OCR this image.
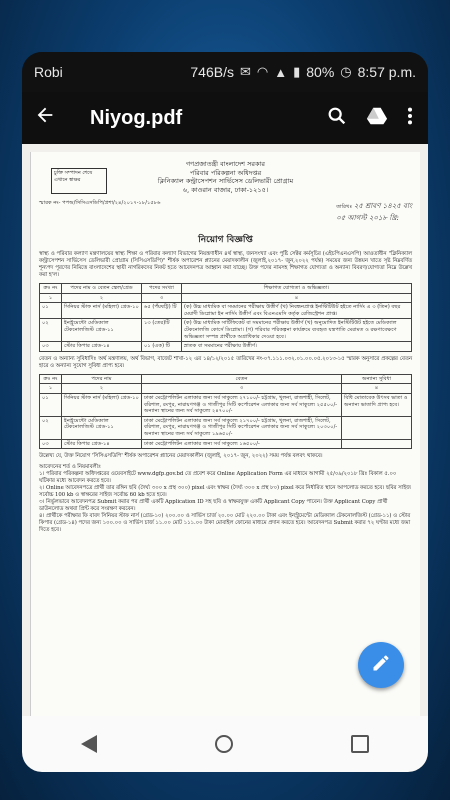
Robi	746B/s ✉ ◠ ▲ ▮ 80% ◷ 8:57 p.m.
Niyog.pdf
চুক্তি সম্পাদন শেষে এখানে স্বাক্ষর
গণপ্রজাতন্ত্রী বাংলাদেশ সরকার
পরিবার পরিকল্পনা অধিদপ্তর
ক্লিনিক্যাল কন্ট্রাসেপশন সার্ভিসেস ডেলিভারী প্রোগ্রাম
৬, কাওরান বাজার, ঢাকা-১২১৫।
স্মারক নং- পপঅ/সিসিএসডিপি/প্রশা/২৪/২০১৭-১৮/১৫৮৬
তারিখঃ ২৫ শ্রাবণ ১৪২৫ বাং
০৫ আগস্ট ২০১৮ খ্রি:
নিয়োগ বিজ্ঞপ্তি
স্বাস্থ্য ও পরিবার কল্যাণ মন্ত্রণালয়ের স্বাস্থ্য শিক্ষা ও পরিবার কল্যাণ বিভাগের নিয়ন্ত্রণাধীন ৪র্থ স্বাস্থ্য, জনসংখ্যা এবং পুষ্টি সেক্টর কর্মসূচির (এইচপিএনএসপি) আওতাধীন "ক্লিনিক্যাল কন্ট্রাসেপশন সার্ভিসেস ডেলিভারী প্রোগ্রাম (সিসিএসডিপি)" শীর্ষক অপারেশন প্ল্যানের মেয়াদকালীন (জুলাই,২০১৭- জুন,২০২২ পর্যন্ত) সময়ের জন্য উন্নয়ন খাতে সৃষ্ট নিম্নবর্ণিত শূন্যপদ পূরণের নিমিত্তে বাংলাদেশের স্থায়ী নাগরিকদের নিকট হতে আবেদনপত্র আহ্বান করা যাচ্ছে। উক্ত পদের নামসহ শিক্ষাগত যোগ্যতা ও অন্যান্য বিবরণ/যোগ্যতা নিম্নে উল্লেখ করা হ'ল।
ক্রঃ নং	পদের নাম ও বেতন স্কেল/গ্রেড	পদের সংখ্যা	শিক্ষাগত যোগ্যতা ও অভিজ্ঞতা।
১	২	৩	৪
০১	সিনিয়র স্টাফ নার্স (মহিলা) গ্রেড-১০	৬৫ (পঁয়ষট্টি) টি	(ক) উচ্চ মাধ্যমিক বা সমমানের পরীক্ষায় উত্তীর্ণ (খ) নিবন্ধনপ্রাপ্ত ইনস্টিটিউট হইতে নার্সিং এ ৩ (তিন) বছর মেয়াদী ডিপ্লোমা ইন নার্সিং উত্তীর্ণ এবং বিএনএমসি কর্তৃক রেজিস্ট্রেশন প্রাপ্ত।
০২	ইনস্ট্রুমেন্টো মেডিক্যাল টেকনোলজিস্ট গ্রেড-১১	১৩ (তের)টি	(ক) উচ্চ মাধ্যমিক সার্টিফিকেট বা সমমানের পরীক্ষায় উত্তীর্ণ (খ) অনুমোদিত ইনস্টিটিউট হইতে মেডিক্যাল টেকনোলজি কোর্সে ডিপ্লোমা। (গ) পরিবার পরিকল্পনা কার্যক্রমে ব্যবহৃত যন্ত্রপাতি মেরামত ও রক্ষণাবেক্ষণে অভিজ্ঞতা সম্পন্ন প্রার্থীকে অগ্রাধিকার দেওয়া হবে।
০৩	স্টোর কিপার গ্রেড-১৪	০১ (এক) টি	স্নাতক বা সমমানের পরীক্ষায় উত্তীর্ণ।
বেতন ও অন্যান্য সুবিধাদিঃ অর্থ মন্ত্রণালয়, অর্থ বিভাগ, বাজেট শাখা-১২ এর ১৪/১২/২০১৫ তারিখের নং-০৭.১১১.০৩২.০১.০০.০৫.২০১৩-১৫ স্মারক অনুসারে প্রকল্পের বেতন হারে ও অন্যান্য সুযোগ সুবিধা প্রাপ্য হবে।
ক্রঃ নং	পদের নাম	বেতন	অন্যান্য সুবিধা
১	২	৩	৪
০১	সিনিয়র স্টাফ নার্স (মহিলা) গ্রেড-১০	ঢাকা মেট্রোপলিটন এলাকার জন্য সর্ব সাকুল্যে ২৭১০০/- চট্টগ্রাম, খুলনা, রাজশাহী, সিলেট, বরিশাল, রংপুর, নারায়ণগঞ্জ ও গাজীপুর সিটি কর্পোরেশন এলাকার জন্য সর্ব সাকুল্যে ২৫৫০০/- অন্যান্য স্থানের জন্য সর্ব সাকুল্যে ২৪৭০০/-	বিধি মোতাবেক উৎসব ভাতা ও অন্যান্য ভাতাদি প্রাপ্য হবে।
০২	ইনস্ট্রুমেন্টো মেডিক্যাল টেকনোলজিস্ট গ্রেড-১১	ঢাকা মেট্রোপলিটন এলাকার জন্য সর্ব সাকুল্যে ২১৭০০/- চট্টগ্রাম, খুলনা, রাজশাহী, সিলেট, বরিশাল, রংপুর, নারায়ণগঞ্জ ও গাজীপুর সিটি কর্পোরেশন এলাকার জন্য সর্ব সাকুল্যে ২০৩০০/- অন্যান্য স্থানের জন্য সর্ব সাকুল্যে ১৯৬৫০/-	
০৩	স্টোর কিপার গ্রেড-১৪	ঢাকা মেট্রোপলিটন এলাকার জন্য সর্ব সাকুল্যে ১৬৫০০/-	
উল্লেখ্য যে, উক্ত নিয়োগ 'সিসিএসডিপি' শীর্ষক অপারেশন প্ল্যানের মেয়াদকালীন (জুলাই, ২০১৭- জুন, ২০২২) সময় পর্যন্ত বলবৎ থাকবে।
আবেদনের শর্ত ও নিয়মাবলীঃ
১। পরিবার পরিকল্পনা অধিদপ্তরের ওয়েবসাইটে www.dgfp.gov.bd তে প্রবেশ করে Online Application Form এর মাধ্যমে আগামী ২৫/০৯/২০১৮ খ্রিঃ বিকাল ৫.০০ ঘটিকার মধ্যে আবেদন করতে হবে।
২। Online আবেদনপত্রে প্রার্থী তার রঙ্গিন ছবি (দৈর্ঘ্য ৩০০ x প্রস্থ ৩০০) pixel এবং স্বাক্ষর (দৈর্ঘ্য ৩০০ x প্রস্থ ৮০) pixel করে নির্ধারিত স্থানে আপলোড করতে হবে। ছবির সাইজ সর্বোচ্চ 100 kb ও স্বাক্ষরের সাইজ সর্বোচ্চ 60 kb হতে হবে।
৩। নির্ভুলভাবে আবেদনপত্র Submit করার পর প্রার্থী একটি Application ID সহ ছবি ও স্বাক্ষরযুক্ত একটি Applicant Copy পাবেন। উক্ত Applicant Copy প্রার্থী ডাউনলোড অথবা প্রিন্ট করে সংরক্ষণ করবেন।
৪। প্রার্থীকে পরীক্ষার ফি বাবদ সিনিয়র স্টাফ নার্স (গ্রেড-১০) ২০০.০০ ও সার্ভিস চার্জ ২০.০০ মোট ২২০.০০ টাকা এবং ইনস্ট্রুমেন্টো মেডিক্যাল টেকনোলজিস্ট (গ্রেড-১১) ও স্টোর কিপার (গ্রেড-১৪) পদের জন্য ১০০.০০ ও সার্ভিস চার্জ ১১.০০ মোট ১১১.০০ টাকা মোবাইল ফোনের মাধ্যমে প্রদান করতে হবে। আবেদনপত্র Submit করার ৭২ ঘণ্টার মধ্যে জমা দিতে হবে।
